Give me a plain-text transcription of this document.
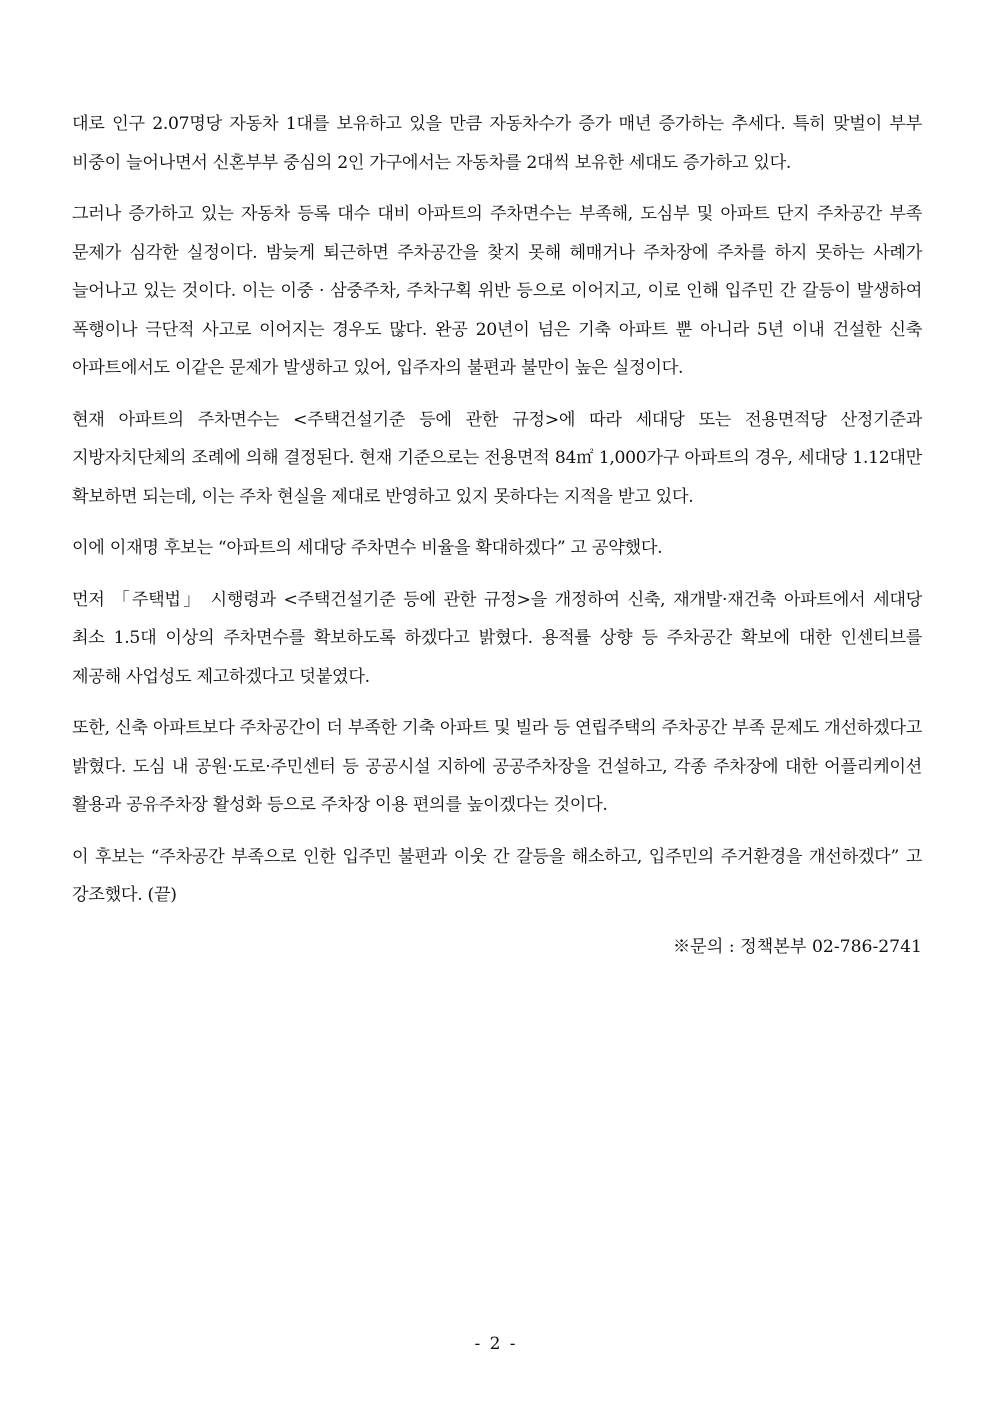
대로 인구 2.07명당 자동차 1대를 보유하고 있을 만큼 자동차수가 증가 매년 증가하는 추세다. 특히 맞벌이 부부 비중이 늘어나면서 신혼부부 중심의 2인 가구에서는 자동차를 2대씩 보유한 세대도 증가하고 있다.

그러나 증가하고 있는 자동차 등록 대수 대비 아파트의 주차면수는 부족해, 도심부 및 아파트 단지 주차공간 부족 문제가 심각한 실정이다. 밤늦게 퇴근하면 주차공간을 찾지 못해 헤매거나 주차장에 주차를 하지 못하는 사례가 늘어나고 있는 것이다. 이는 이중 · 삼중주차, 주차구획 위반 등으로 이어지고, 이로 인해 입주민 간 갈등이 발생하여 폭행이나 극단적 사고로 이어지는 경우도 많다. 완공 20년이 넘은 기축 아파트 뿐 아니라 5년 이내 건설한 신축 아파트에서도 이같은 문제가 발생하고 있어, 입주자의 불편과 불만이 높은 실정이다.

현재 아파트의 주차면수는 <주택건설기준 등에 관한 규정>에 따라 세대당 또는 전용면적당 산정기준과 지방자치단체의 조례에 의해 결정된다. 현재 기준으로는 전용면적 84㎡ 1,000가구 아파트의 경우, 세대당 1.12대만 확보하면 되는데, 이는 주차 현실을 제대로 반영하고 있지 못하다는 지적을 받고 있다.

이에 이재명 후보는 “아파트의 세대당 주차면수 비율을 확대하겠다” 고 공약했다.

먼저 「주택법」 시행령과 <주택건설기준 등에 관한 규정>을 개정하여 신축, 재개발·재건축 아파트에서 세대당 최소 1.5대 이상의 주차면수를 확보하도록 하겠다고 밝혔다. 용적률 상향 등 주차공간 확보에 대한 인센티브를 제공해 사업성도 제고하겠다고 덧붙였다.

또한, 신축 아파트보다 주차공간이 더 부족한 기축 아파트 및 빌라 등 연립주택의 주차공간 부족 문제도 개선하겠다고 밝혔다. 도심 내 공원·도로·주민센터 등 공공시설 지하에 공공주차장을 건설하고, 각종 주차장에 대한 어플리케이션 활용과 공유주차장 활성화 등으로 주차장 이용 편의를 높이겠다는 것이다.

이 후보는 “주차공간 부족으로 인한 입주민 불편과 이웃 간 갈등을 해소하고, 입주민의 주거환경을 개선하겠다” 고 강조했다. (끝)

※문의 : 정책본부 02-786-2741

- 2 -
